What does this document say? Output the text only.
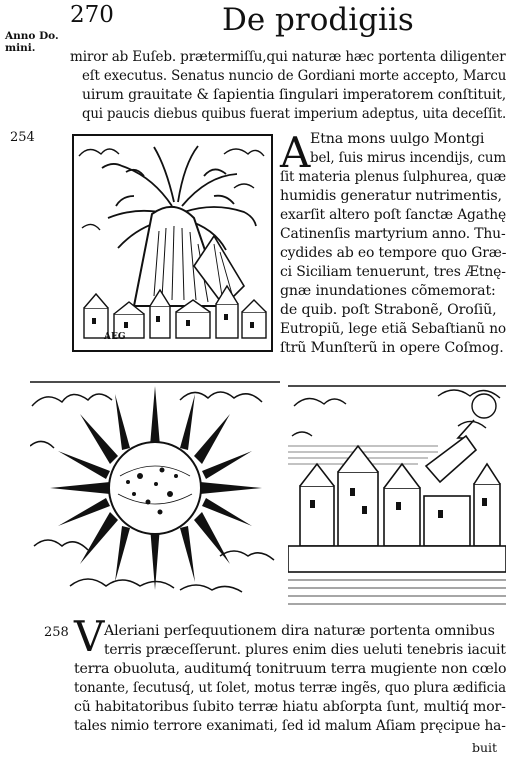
Anno Do.
mini.
270	De prodigiis
miror ab Euſeb. prætermiſſu,qui naturæ hæc portenta diligenter
eſt executus. Senatus nuncio de Gordiani morte accepto, Marcu
uirum grauitate & ſapientia ſingulari imperatorem conſtituit,
qui paucis diebus quibus fuerat imperium adeptus, uita deceſſit.
254
AEG
A Etna mons uulgo Montgi
bel, ſuis mirus incendijs, cum
ſit materia plenus ſulphurea, quæ
humidis generatur nutrimentis,
exarſit altero poſt ſanctæ Agathę
Catinenſis martyrium anno. Thu-
cydides ab eo tempore quo Græ-
ci Siciliam tenuerunt, tres Ætnę-
gnæ inundationes cõmemorat:
de quib. poſt Strabonẽ, Oroſiũ,
Eutropiũ, lege etiã Sebaſtianũ no
ſtrũ Munſterũ in opere Coſmog.
258 V Aleriani perſequutionem dira naturæ portenta omnibus
terris præceſſerunt. plures enim dies ueluti tenebris iacuit
terra obuoluta, auditumq́ tonitruum terra mugiente non cœlo
tonante, ſecutusq́, ut ſolet, motus terræ ingẽs, quo plura ædificia
cũ habitatoribus ſubito terræ hiatu abſorpta ſunt, multiq́ mor-
tales nimio terrore exanimati, ſed id malum Aſiam pręcipue ha-
buit
